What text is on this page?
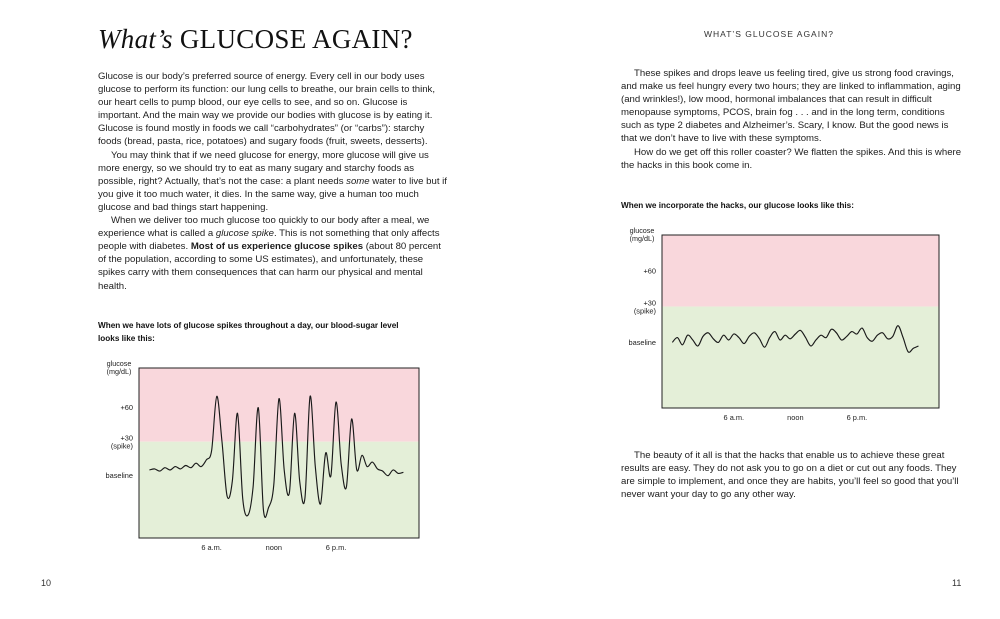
What’s GLUCOSE AGAIN?

Glucose is our body’s preferred source of energy. Every cell in our body uses glucose to perform its function: our lung cells to breathe, our brain cells to think, our heart cells to pump blood, our eye cells to see, and so on. Glucose is important. And the main way we provide our bodies with glucose is by eating it. Glucose is found mostly in foods we call “carbohydrates” (or “carbs”): starchy foods (bread, pasta, rice, potatoes) and sugary foods (fruit, sweets, desserts).

You may think that if we need glucose for energy, more glucose will give us more energy, so we should try to eat as many sugary and starchy foods as possible, right? Actually, that’s not the case: a plant needs some water to live but if you give it too much water, it dies. In the same way, give a human too much glucose and bad things start happening.

When we deliver too much glucose too quickly to our body after a meal, we experience what is called a glucose spike. This is not something that only affects people with diabetes. Most of us experience glucose spikes (about 80 percent of the population, according to some US estimates), and unfortunately, these spikes carry with them consequences that can harm our physical and mental health.

When we have lots of glucose spikes throughout a day, our blood-sugar level looks like this:
glucose
(mg/dL)
+60
+30
(spike)
baseline
6 a.m.	noon	6 p.m.
10
WHAT’S GLUCOSE AGAIN?

These spikes and drops leave us feeling tired, give us strong food cravings, and make us feel hungry every two hours; they are linked to inflammation, aging (and wrinkles!), low mood, hormonal imbalances that can result in difficult menopause symptoms, PCOS, brain fog . . . and in the long term, conditions such as type 2 diabetes and Alzheimer’s. Scary, I know. But the good news is that we don’t have to live with these symptoms.

How do we get off this roller coaster? We flatten the spikes. And this is where the hacks in this book come in.

When we incorporate the hacks, our glucose looks like this:
glucose
(mg/dL)
+60
+30
(spike)
baseline
6 a.m.	noon	6 p.m.

The beauty of it all is that the hacks that enable us to achieve these great results are easy. They do not ask you to go on a diet or cut out any foods. They are simple to implement, and once they are habits, you’ll feel so good that you’ll never want your day to go any other way.

11
